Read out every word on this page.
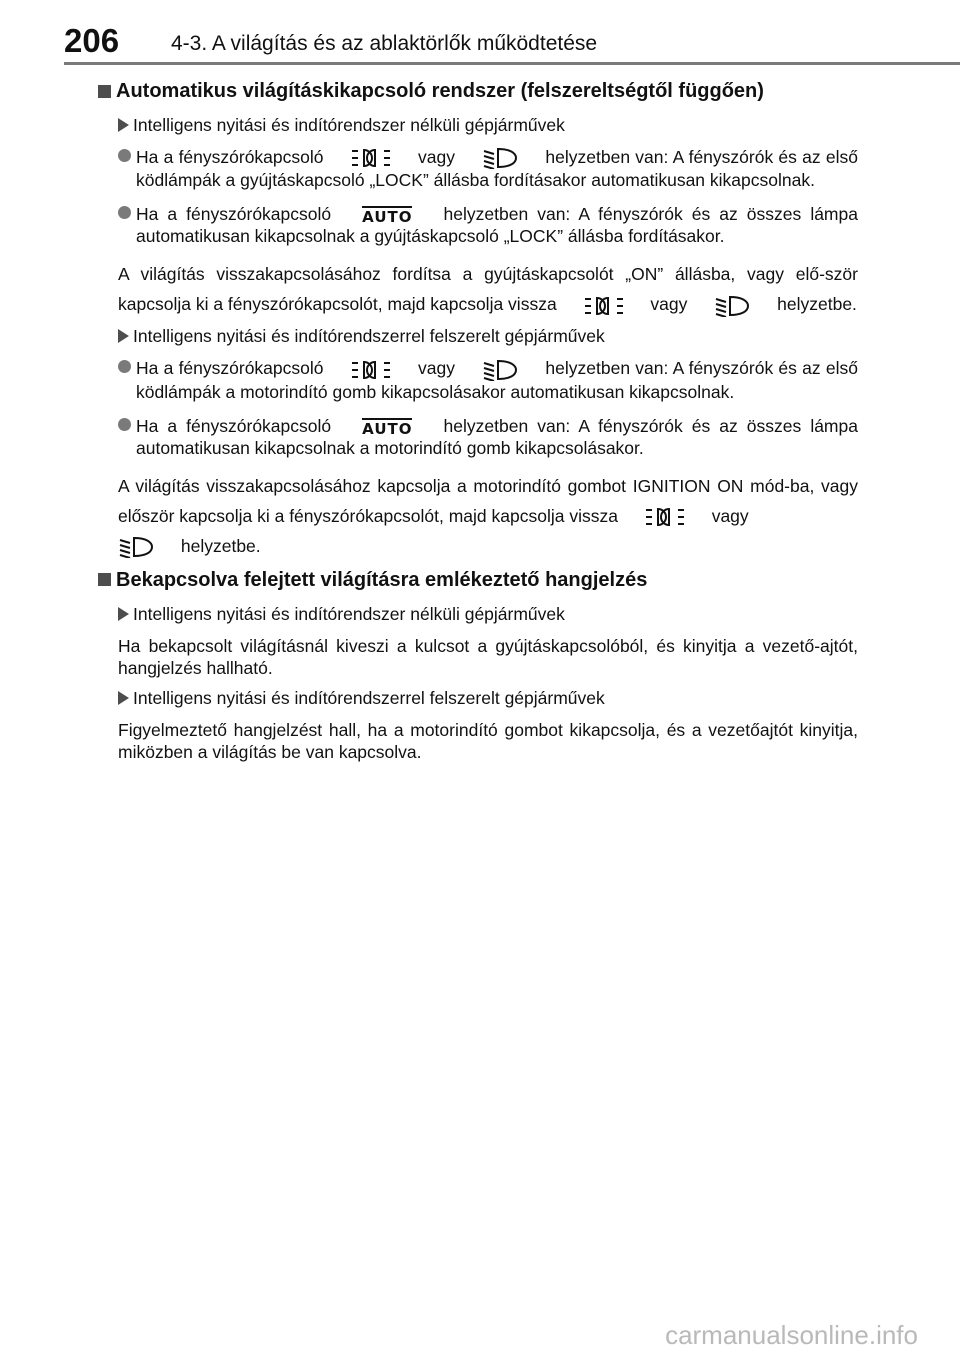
206 4-3. A világítás és az ablaktörlők működtetése
Automatikus világításkikapcsoló rendszer (felszereltségtől függően)
Intelligens nyitási és indítórendszer nélküli gépjárművek
Ha a fényszórókapcsoló	vagy	helyzetben van: A fényszórók és az első ködlámpák a gyújtáskapcsoló „LOCK” állásba fordításakor automatikusan kikapcsolnak.
Ha a fényszórókapcsoló AUTO helyzetben van: A fényszórók és az összes lámpa automatikusan kikapcsolnak a gyújtáskapcsoló „LOCK” állásba fordításakor.
A világítás visszakapcsolásához fordítsa a gyújtáskapcsolót „ON” állásba, vagy elő-ször kapcsolja ki a fényszórókapcsolót, majd kapcsolja vissza	vagy	helyzetbe.
Intelligens nyitási és indítórendszerrel felszerelt gépjárművek
Ha a fényszórókapcsoló	vagy	helyzetben van: A fényszórók és az első ködlámpák a motorindító gomb kikapcsolásakor automatikusan kikapcsolnak.
Ha a fényszórókapcsoló AUTO helyzetben van: A fényszórók és az összes lámpa automatikusan kikapcsolnak a motorindító gomb kikapcsolásakor.
A világítás visszakapcsolásához kapcsolja a motorindító gombot IGNITION ON mód-ba, vagy először kapcsolja ki a fényszórókapcsolót, majd kapcsolja vissza	vagy
helyzetbe.
Bekapcsolva felejtett világításra emlékeztető hangjelzés
Intelligens nyitási és indítórendszer nélküli gépjárművek
Ha bekapcsolt világításnál kiveszi a kulcsot a gyújtáskapcsolóból, és kinyitja a vezető-ajtót, hangjelzés hallható.
Intelligens nyitási és indítórendszerrel felszerelt gépjárművek
Figyelmeztető hangjelzést hall, ha a motorindító gombot kikapcsolja, és a vezetőajtót kinyitja, miközben a világítás be van kapcsolva.
carmanualsonline.info
